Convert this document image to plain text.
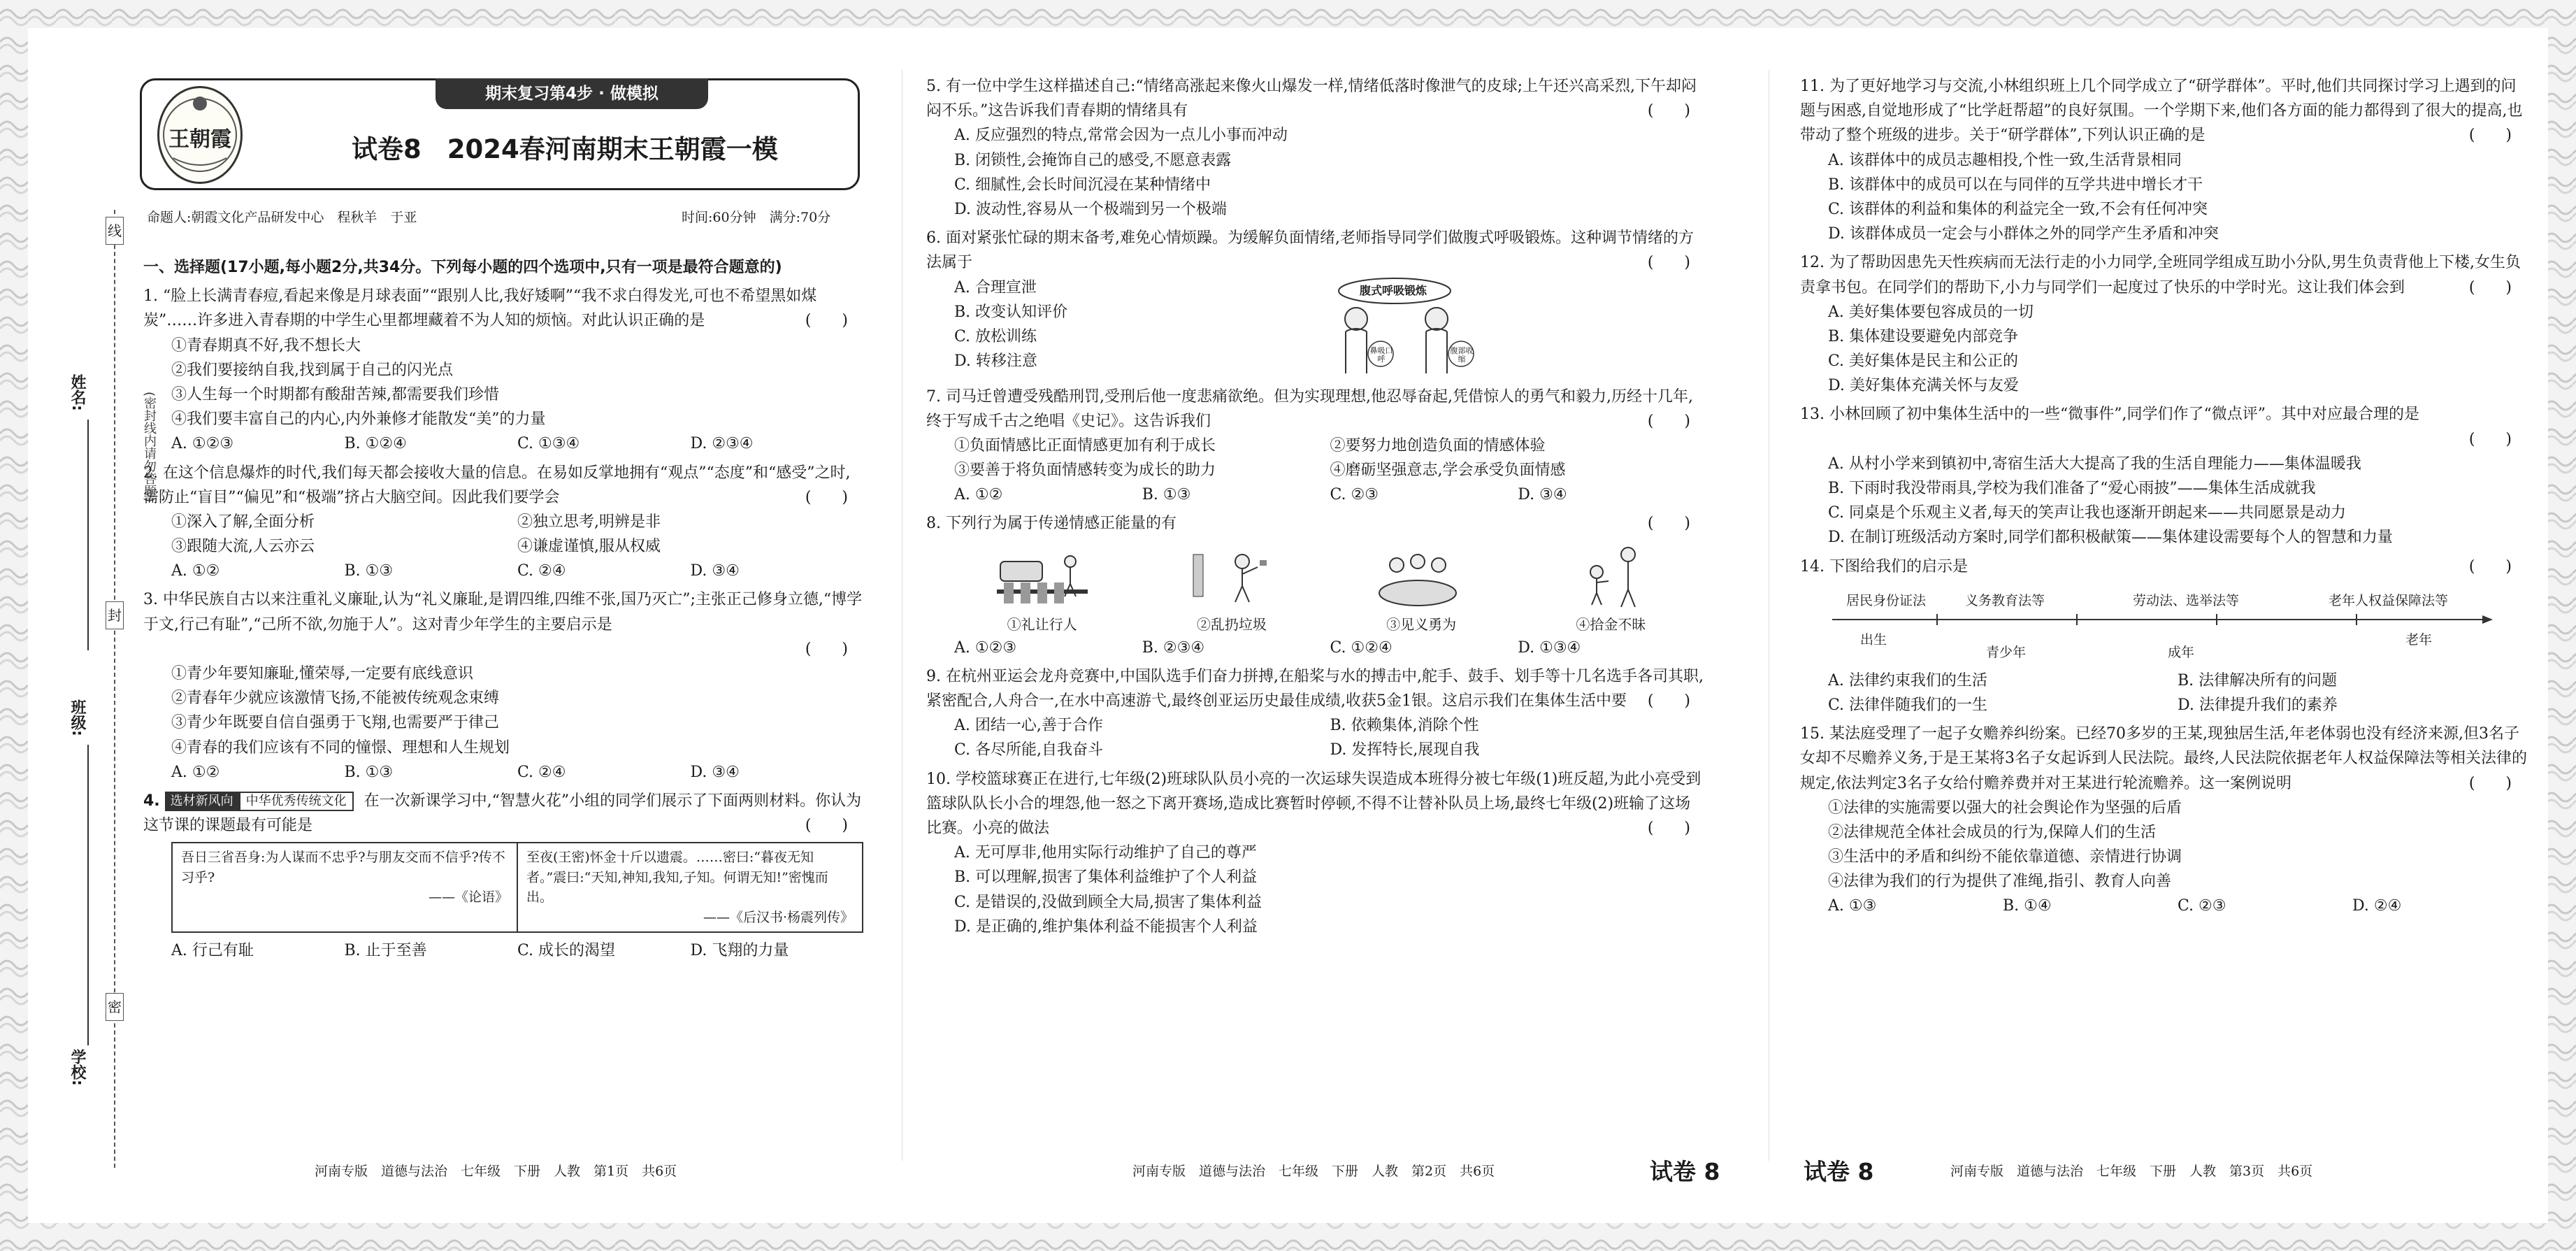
姓名:
班级:
学校:
线
封
密
(密封线内请勿答题)
王朝霞
期末复习第4步 · 做模拟
试卷8　2024春河南期末王朝霞一模
命题人:朝霞文化产品研发中心　程秋羊　于亚	时间:60分钟　满分:70分
一、选择题(17小题,每小题2分,共34分。下列每小题的四个选项中,只有一项是最符合题意的)
1. “脸上长满青春痘,看起来像是月球表面”“跟别人比,我好矮啊”“我不求白得发光,可也不希望黑如煤炭”……许多进入青春期的中学生心里都埋藏着不为人知的烦恼。对此认识正确的是	(　　)
①青春期真不好,我不想长大
②我们要接纳自我,找到属于自己的闪光点
③人生每一个时期都有酸甜苦辣,都需要我们珍惜
④我们要丰富自己的内心,内外兼修才能散发“美”的力量
A. ①②③	B. ①②④	C. ①③④	D. ②③④
2. 在这个信息爆炸的时代,我们每天都会接收大量的信息。在易如反掌地拥有“观点”“态度”和“感受”之时,需防止“盲目”“偏见”和“极端”挤占大脑空间。因此我们要学会	(　　)
①深入了解,全面分析	②独立思考,明辨是非
③跟随大流,人云亦云	④谦虚谨慎,服从权威
A. ①②	B. ①③	C. ②④	D. ③④
3. 中华民族自古以来注重礼义廉耻,认为“礼义廉耻,是谓四维,四维不张,国乃灭亡”;主张正己修身立德,“博学于文,行己有耻”,“己所不欲,勿施于人”。这对青少年学生的主要启示是
(　　)
①青少年要知廉耻,懂荣辱,一定要有底线意识
②青春年少就应该激情飞扬,不能被传统观念束缚
③青少年既要自信自强勇于飞翔,也需要严于律己
④青春的我们应该有不同的憧憬、理想和人生规划
A. ①②	B. ①③	C. ②④	D. ③④
4. 选材新风向 中华优秀传统文化 在一次新课学习中,“智慧火花”小组的同学们展示了下面两则材料。你认为这节课的课题最有可能是	(　　)
吾日三省吾身:为人谋而不忠乎?与朋友交而不信乎?传不习乎?
——《论语》
至夜(王密)怀金十斤以遗震。……密曰:“暮夜无知者。”震曰:“天知,神知,我知,子知。何谓无知!”密愧而出。
——《后汉书·杨震列传》
A. 行己有耻	B. 止于至善	C. 成长的渴望	D. 飞翔的力量
5. 有一位中学生这样描述自己:“情绪高涨起来像火山爆发一样,情绪低落时像泄气的皮球;上午还兴高采烈,下午却闷闷不乐。”这告诉我们青春期的情绪具有	(　　)
A. 反应强烈的特点,常常会因为一点儿小事而冲动
B. 闭锁性,会掩饰自己的感受,不愿意表露
C. 细腻性,会长时间沉浸在某种情绪中
D. 波动性,容易从一个极端到另一个极端
6. 面对紧张忙碌的期末备考,难免心情烦躁。为缓解负面情绪,老师指导同学们做腹式呼吸锻炼。这种调节情绪的方法属于	(　　)
A. 合理宣泄
B. 改变认知评价
C. 放松训练
D. 转移注意
腹式呼吸锻炼
鼻吸口呼
腹部收缩
7. 司马迁曾遭受残酷刑罚,受刑后他一度悲痛欲绝。但为实现理想,他忍辱奋起,凭借惊人的勇气和毅力,历经十几年,终于写成千古之绝唱《史记》。这告诉我们	(　　)
①负面情感比正面情感更加有利于成长	②要努力地创造负面的情感体验
③要善于将负面情感转变为成长的助力	④磨砺坚强意志,学会承受负面情感
A. ①②	B. ①③	C. ②③	D. ③④
8. 下列行为属于传递情感正能量的有	(　　)
①礼让行人	②乱扔垃圾	③见义勇为	④拾金不昧
A. ①②③	B. ②③④	C. ①②④	D. ①③④
9. 在杭州亚运会龙舟竞赛中,中国队选手们奋力拼搏,在船桨与水的搏击中,舵手、鼓手、划手等十几名选手各司其职,紧密配合,人舟合一,在水中高速游弋,最终创亚运历史最佳成绩,收获5金1银。这启示我们在集体生活中要 (　　)
A. 团结一心,善于合作	B. 依赖集体,消除个性
C. 各尽所能,自我奋斗	D. 发挥特长,展现自我
10. 学校篮球赛正在进行,七年级(2)班球队队员小亮的一次运球失误造成本班得分被七年级(1)班反超,为此小亮受到篮球队队长小合的埋怨,他一怒之下离开赛场,造成比赛暂时停顿,不得不让替补队员上场,最终七年级(2)班输了这场比赛。小亮的做法	(　　)
A. 无可厚非,他用实际行动维护了自己的尊严
B. 可以理解,损害了集体利益维护了个人利益
C. 是错误的,没做到顾全大局,损害了集体利益
D. 是正确的,维护集体利益不能损害个人利益
11. 为了更好地学习与交流,小林组织班上几个同学成立了“研学群体”。平时,他们共同探讨学习上遇到的问题与困惑,自觉地形成了“比学赶帮超”的良好氛围。一个学期下来,他们各方面的能力都得到了很大的提高,也带动了整个班级的进步。关于“研学群体”,下列认识正确的是	(　　)
A. 该群体中的成员志趣相投,个性一致,生活背景相同
B. 该群体中的成员可以在与同伴的互学共进中增长才干
C. 该群体的利益和集体的利益完全一致,不会有任何冲突
D. 该群体成员一定会与小群体之外的同学产生矛盾和冲突
12. 为了帮助因患先天性疾病而无法行走的小力同学,全班同学组成互助小分队,男生负责背他上下楼,女生负责拿书包。在同学们的帮助下,小力与同学们一起度过了快乐的中学时光。这让我们体会到	(　　)
A. 美好集体要包容成员的一切
B. 集体建设要避免内部竞争
C. 美好集体是民主和公正的
D. 美好集体充满关怀与友爱
13. 小林回顾了初中集体生活中的一些“微事件”,同学们作了“微点评”。其中对应最合理的是
(　　)
A. 从村小学来到镇初中,寄宿生活大大提高了我的生活自理能力——集体温暖我
B. 下雨时我没带雨具,学校为我们准备了“爱心雨披”——集体生活成就我
C. 同桌是个乐观主义者,每天的笑声让我也逐渐开朗起来——共同愿景是动力
D. 在制订班级活动方案时,同学们都积极献策——集体建设需要每个人的智慧和力量
14. 下图给我们的启示是	(　　)
居民身份证法	义务教育法等	劳动法、选举法等	老年人权益保障法等
出生
青少年	成年
老年
A. 法律约束我们的生活	B. 法律解决所有的问题
C. 法律伴随我们的一生	D. 法律提升我们的素养
15. 某法庭受理了一起子女赡养纠纷案。已经70多岁的王某,现独居生活,年老体弱也没有经济来源,但3名子女却不尽赡养义务,于是王某将3名子女起诉到人民法院。最终,人民法院依据老年人权益保障法等相关法律的规定,依法判定3名子女给付赡养费并对王某进行轮流赡养。这一案例说明	(　　)
①法律的实施需要以强大的社会舆论作为坚强的后盾
②法律规范全体社会成员的行为,保障人们的生活
③生活中的矛盾和纠纷不能依靠道德、亲情进行协调
④法律为我们的行为提供了准绳,指引、教育人向善
A. ①③	B. ①④	C. ②③	D. ②④
河南专版　道德与法治　七年级　下册　人教　第1页　共6页	河南专版　道德与法治　七年级　下册　人教　第2页　共6页	试卷 8	试卷 8	河南专版　道德与法治　七年级　下册　人教　第3页　共6页
